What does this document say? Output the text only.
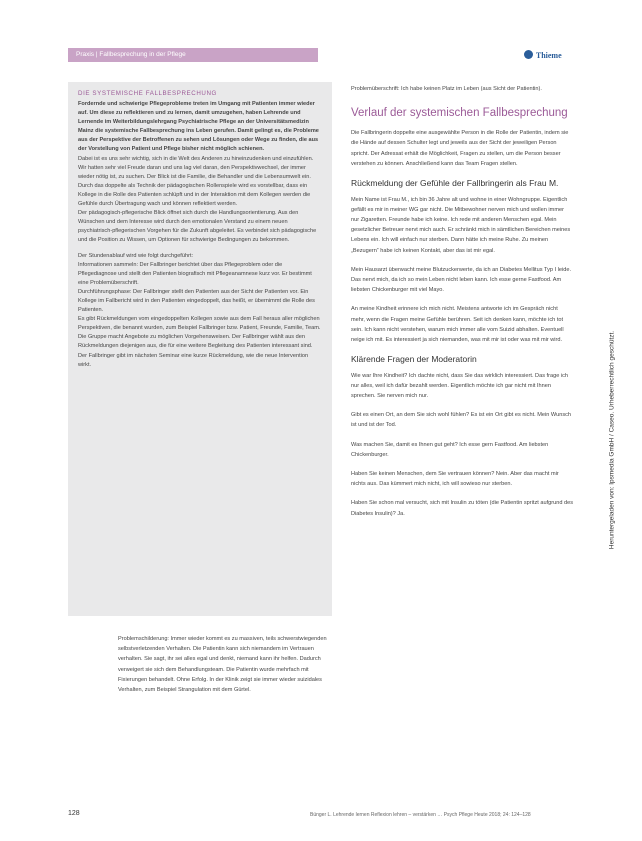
Praxis | Fallbesprechung in der Pflege	Thieme
DIE SYSTEMISCHE FALLBESPRECHUNG

Fordernde und schwierige Pflegeprobleme treten im Umgang mit Patienten immer wieder auf. Um diese zu reflektieren und zu lernen, damit umzugehen, haben Lehrende und Lernende im Weiterbildungslehrgang Psychiatrische Pflege an der Universitätsmedizin Mainz die systemische Fallbesprechung ins Leben gerufen. Damit gelingt es, die Probleme aus der Perspektive der Betroffenen zu sehen und Lösungen oder Wege zu finden, die aus der Vorstellung von Patient und Pflege bisher nicht möglich schienen.

Dabei ist es uns sehr wichtig, sich in die Welt des Anderen zu hineinzudenken und einzufühlen. Wir hatten sehr viel Freude daran und uns lag viel daran, den Perspektivwechsel, der immer wieder nötig ist, zu suchen. Der Blick ist die Familie, die Behandler und die Lebensumwelt ein. Durch das doppelte als Technik der pädagogischen Rollenspiele wird es vorstellbar, dass ein Kollege in die Rolle des Patienten schlüpft und in der Interaktion mit dem Kollegen werden die Gefühle durch Übertragung wach und können reflektiert werden.

Der pädagogisch-pflegerische Blick öffnet sich durch die Handlungsorientierung. Aus den Wünschen und dem Interesse wird durch den emotionalen Verstand zu einem neuen psychiatrisch-pflegerischen Vorgehen für die Zukunft abgeleitet. Es verbindet sich pädagogische und die Position zu Wissen, um Optionen für schwierige Bedingungen zu bekommen.

Der Stundenablauf wird wie folgt durchgeführt:

Informationen sammeln: Der Fallbringer berichtet über das Pflegeproblem oder die Pflegediagnose und stellt den Patienten biografisch mit Pflegeanamnese kurz vor. Er bestimmt eine Problemüberschrift.

Durchführungsphase: Der Fallbringer stellt den Patienten aus der Sicht der Patienten vor. Ein Kollege im Fallbericht wird in den Patienten eingedoppelt, das heißt, er übernimmt die Rolle des Patienten.

Es gibt Rückmeldungen vom eingedoppelten Kollegen sowie aus dem Fall heraus aller möglichen Perspektiven, die benannt wurden, zum Beispiel Fallbringer bzw. Patient, Freunde, Familie, Team. Die Gruppe macht Angebote zu möglichen Vorgehensweisen. Der Fallbringer wählt aus den Rückmeldungen diejenigen aus, die für eine weitere Begleitung des Patienten interessant sind. Der Fallbringer gibt im nächsten Seminar eine kurze Rückmeldung, wie die neue Intervention wirkt.

Problemschilderung: Immer wieder kommt es zu massiven, teils schwerstwiegenden selbstverletzenden Verhalten. Die Patientin kann sich niemandem im Vertrauen verhalten. Sie sagt, ihr sei alles egal und denkt, niemand kann ihr helfen. Dadurch verweigert sie sich dem Behandlungsteam. Die Patientin wurde mehrfach mit Fixierungen behandelt. Ohne Erfolg. In der Klinik zeigt sie immer wieder suizidales Verhalten, zum Beispiel Strangulation mit dem Gürtel.

Problemüberschrift: Ich habe keinen Platz im Leben (aus Sicht der Patientin).

Verlauf der systemischen Fallbesprechung

Die Fallbringerin doppelte eine ausgewählte Person in die Rolle der Patientin, indem sie die Hände auf dessen Schulter legt und jeweils aus der Sicht der jeweiligen Person spricht. Der Adressat erhält die Möglichkeit, Fragen zu stellen, um die Person besser verstehen zu können. Anschließend kann das Team Fragen stellen.

Rückmeldung der Gefühle der Fallbringerin als Frau M.

Mein Name ist Frau M., ich bin 36 Jahre alt und wohne in einer Wohngruppe. Eigentlich gefällt es mir in meiner WG gar nicht. Die Mitbewohner nerven mich und wollen immer nur Zigaretten. Freunde habe ich keine. Ich rede mit anderen Menschen egal. Mein gesetzlicher Betreuer nervt mich auch. Er schränkt mich in sämtlichen Bereichen meines Lebens ein. Ich will einfach nur sterben. Dann hätte ich meine Ruhe. Zu meinen „Bezugern“ habe ich keinen Kontakt, aber das ist mir egal.

Mein Hausarzt überwacht meine Blutzuckerwerte, da ich an Diabetes Mellitus Typ I leide. Das nervt mich, da ich so mein Leben nicht leben kann. Ich esse gerne Fastfood. Am liebsten Chickenburger mit viel Mayo.

An meine Kindheit erinnere ich mich nicht. Meistens antworte ich im Gespräch nicht mehr, wenn die Fragen meine Gefühle berühren. Seit ich denken kann, möchte ich tot sein. Ich kann nicht verstehen, warum mich immer alle vom Suizid abhalten. Eventuell neige ich mit. Es interessiert ja sich niemanden, was mit mir ist oder was mit mir wird.

Klärende Fragen der Moderatorin

Wie war Ihre Kindheit? Ich dachte nicht, dass Sie das wirklich interessiert. Das frage ich nur alles, weil ich dafür bezahlt werden. Eigentlich möchte ich gar nicht mit Ihnen sprechen. Sie nerven mich nur.

Gibt es einen Ort, an dem Sie sich wohl fühlen? Es ist ein Ort gibt es nicht. Mein Wunsch ist und ist der Tod.

Was machen Sie, damit es Ihnen gut geht? Ich esse gern Fastfood. Am liebsten Chickenburger.

Haben Sie keinen Menschen, dem Sie vertrauen können? Nein. Aber das macht mir nichts aus. Das kümmert mich nicht, ich will sowieso nur sterben.

Haben Sie schon mal versucht, sich mit Insulin zu töten (die Patientin spritzt aufgrund des Diabetes Insulin)? Ja.	Heruntergeladen von: Ipsmedia GmbH / Caseo. Urheberrechtlich geschützt.
128	Bünger L. Lehrende lernen Reflexion lehren – verstärken … Psych Pflege Heute 2018; 24: 124–128
